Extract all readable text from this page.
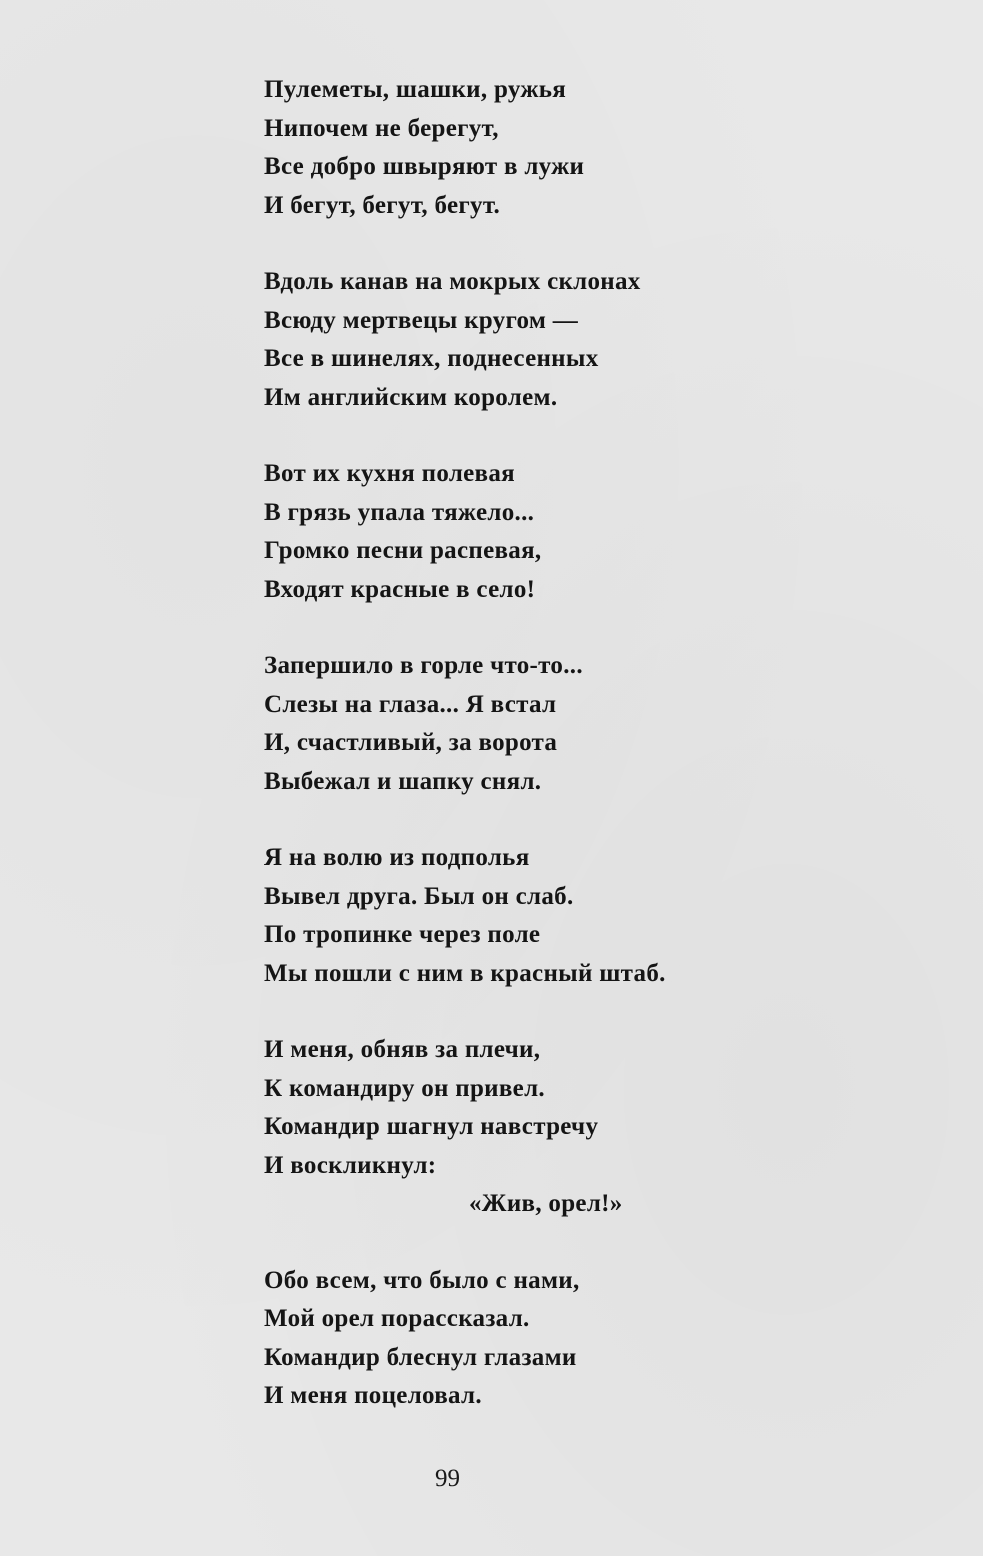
Пулеметы, шашки, ружья
Нипочем не берегут,
Все добро швыряют в лужи
И бегут, бегут, бегут.
Вдоль канав на мокрых склонах
Всюду мертвецы кругом —
Все в шинелях, поднесенных
Им английским королем.
Вот их кухня полевая
В грязь упала тяжело...
Громко песни распевая,
Входят красные в село!
Запершило в горле что-то...
Слезы на глаза... Я встал
И, счастливый, за ворота
Выбежал и шапку снял.
Я на волю из подполья
Вывел друга. Был он слаб.
По тропинке через поле
Мы пошли с ним в красный штаб.
И меня, обняв за плечи,
К командиру он привел.
Командир шагнул навстречу
И воскликнул:
«Жив, орел!»
Обо всем, что было с нами,
Мой орел порассказал.
Командир блеснул глазами
И меня поцеловал.
99
